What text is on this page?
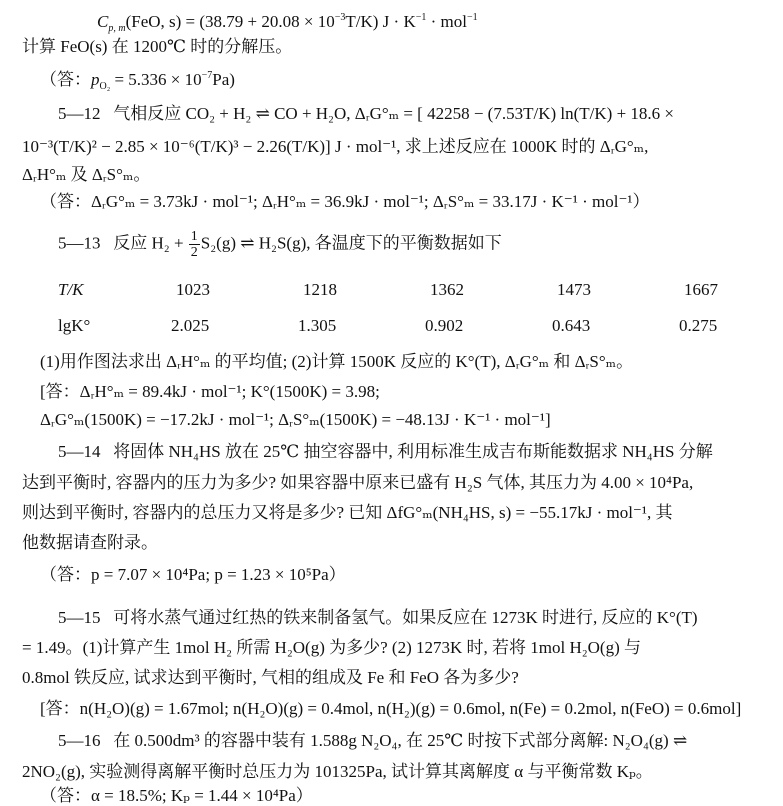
$C_{p, m}(FeO$, $s) = (38.79 + 20.08 \times 10^{-3}T/K)$ $J \cdot K^{-1} \cdot mol^{-1}$
计算 FeO(s) 在 1200℃ 时的分解压。
（答：$p_{O_2} = 5.336 \times 10^{-7}Pa$)
5—12 气相反应 CO₂ + H₂ ⇌ CO + H₂O, ΔᵣG°ₘ = [ 42258 − (7.53T/K) ln(T/K) + 18.6 ×
10⁻³(T/K)² − 2.85 × 10⁻⁶(T/K)³ − 2.26(T/K)] J · mol⁻¹, 求上述反应在 1000K 时的 ΔᵣG°ₘ,
ΔᵣH°ₘ 及 ΔᵣS°ₘ。
（答：ΔᵣG°ₘ = 3.73kJ · mol⁻¹; ΔᵣH°ₘ = 36.9kJ · mol⁻¹; ΔᵣS°ₘ = 33.17J · K⁻¹ · mol⁻¹）
5—13 反应 $H_2 + \frac{1}{2} S_2(g)$ ⇌ H₂S(g), 各温度下的平衡数据如下
T/K	1023	1218	1362	1473	1667
lgK°	2.025	1.305	0.902	0.643	0.275
(1)用作图法求出 ΔᵣH°ₘ 的平均值; (2)计算 1500K 反应的 K°(T), ΔᵣG°ₘ 和 ΔᵣS°ₘ。
[答：ΔᵣH°ₘ = 89.4kJ · mol⁻¹; K°(1500K) = 3.98;
ΔᵣG°ₘ(1500K) = −17.2kJ · mol⁻¹; ΔᵣS°ₘ(1500K) = −48.13J · K⁻¹ · mol⁻¹]
5—14 将固体 NH₄HS 放在 25℃ 抽空容器中, 利用标准生成吉布斯能数据求 NH₄HS 分解
达到平衡时, 容器内的压力为多少? 如果容器中原来已盛有 H₂S 气体, 其压力为 4.00 × 10⁴Pa,
则达到平衡时, 容器内的总压力又将是多少? 已知 ΔfG°ₘ(NH₄HS, s) = −55.17kJ · mol⁻¹, 其
他数据请查附录。
（答：p = 7.07 × 10⁴Pa; p = 1.23 × 10⁵Pa）
5—15 可将水蒸气通过红热的铁来制备氢气。如果反应在 1273K 时进行, 反应的 K°(T)
= 1.49。(1)计算产生 1mol H₂ 所需 H₂O(g) 为多少? (2) 1273K 时, 若将 1mol H₂O(g) 与
0.8mol 铁反应, 试求达到平衡时, 气相的组成及 Fe 和 FeO 各为多少?
[答：n(H₂O)(g) = 1.67mol; n(H₂O)(g) = 0.4mol, n(H₂)(g) = 0.6mol, n(Fe) = 0.2mol, n(FeO) = 0.6mol]
5—16 在 0.500dm³ 的容器中装有 1.588g N₂O₄, 在 25℃ 时按下式部分离解: N₂O₄(g) ⇌
2NO₂(g), 实验测得离解平衡时总压力为 101325Pa, 试计算其离解度 α 与平衡常数 Kₚ。
（答：α = 18.5%; Kₚ = 1.44 × 10⁴Pa）
